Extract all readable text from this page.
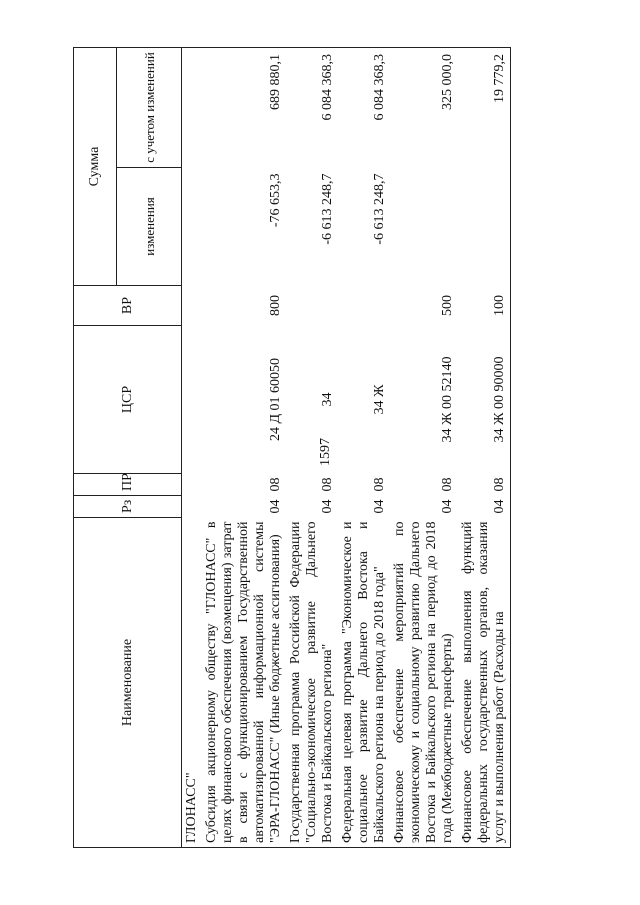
1597
Наименование	Рз	ПР	ЦСР	ВР	Сумма	
					изменения	с учетом изменений
ГЛОНАСС"						
Субсидия акционерному обществу "ГЛОНАСС" в целях финансового обеспечения (возмещения) затрат в связи с функционированием Государственной автоматизированной информационной системы "ЭРА-ГЛОНАСС" (Иные бюджетные ассигнования)	04	08	24 Д 01 60050	800	-76 653,3	689 880,1
Государственная программа Российской Федерации "Социально-экономическое развитие Дальнего Востока и Байкальского региона"	04	08	34		-6 613 248,7	6 084 368,3
Федеральная целевая программа "Экономическое и социальное развитие Дальнего Востока и Байкальского региона на период до 2018 года"	04	08	34 Ж		-6 613 248,7	6 084 368,3
Финансовое обеспечение мероприятий по экономическому и социальному развитию Дальнего Востока и Байкальского региона на период до 2018 года (Межбюджетные трансферты)	04	08	34 Ж 00 52140	500		325 000,0
Финансовое обеспечение выполнения функций федеральных государственных органов, оказания услуг и выполнения работ (Расходы на	04	08	34 Ж 00 90000	100		19 779,2
